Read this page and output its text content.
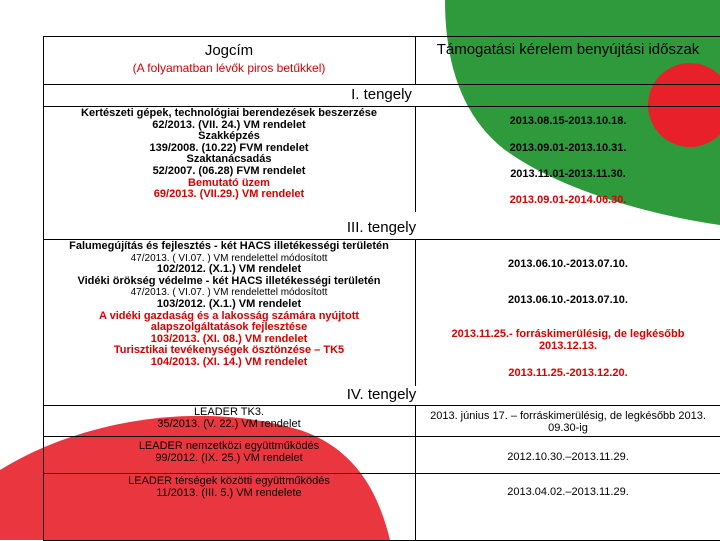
Jogcím
(A folyamatban lévők piros betűkkel)
Támogatási kérelem benyújtási időszak
I. tengely
Kertészeti gépek, technológiai berendezések beszerzése
62/2013. (VII. 24.) VM rendelet
Szakképzés
139/2008. (10.22) FVM rendelet
Szaktanácsadás
52/2007. (06.28) FVM rendelet
Bemutató üzem
69/2013. (VII.29.) VM rendelet
2013.08.15-2013.10.18.
2013.09.01-2013.10.31.
2013.11.01-2013.11.30.
2013.09.01-2014.06.30.
III. tengely
Falumegújítás és fejlesztés - két HACS illetékességi területén
47/2013. ( VI.07. ) VM rendelettel módosított
102/2012. (X.1.) VM rendelet
Vidéki örökség védelme - két HACS illetékességi területén
47/2013. ( VI.07. ) VM rendelettel módosított
103/2012. (X.1.) VM rendelet
A vidéki gazdaság és a lakosság számára nyújtott alapszolgáltatások fejlesztése
103/2013. (XI. 08.) VM rendelet
Turisztikai tevékenységek ösztönzése – TK5
104/2013. (XI. 14.) VM rendelet
2013.06.10.-2013.07.10.
2013.06.10.-2013.07.10.
2013.11.25.- forráskimerülésig, de legkésőbb 2013.12.13.
2013.11.25.-2013.12.20.
IV. tengely
LEADER TK3.
35/2013. (V. 22.) VM rendelet
2013. június 17. – forráskimerülésig, de legkésőbb 2013. 09.30-ig
LEADER nemzetközi együttműködés
99/2012. (IX. 25.) VM rendelet	2012.10.30.–2013.11.29.
LEADER térségek közötti együttműködés
11/2013. (III. 5.) VM rendelete	2013.04.02.–2013.11.29.
